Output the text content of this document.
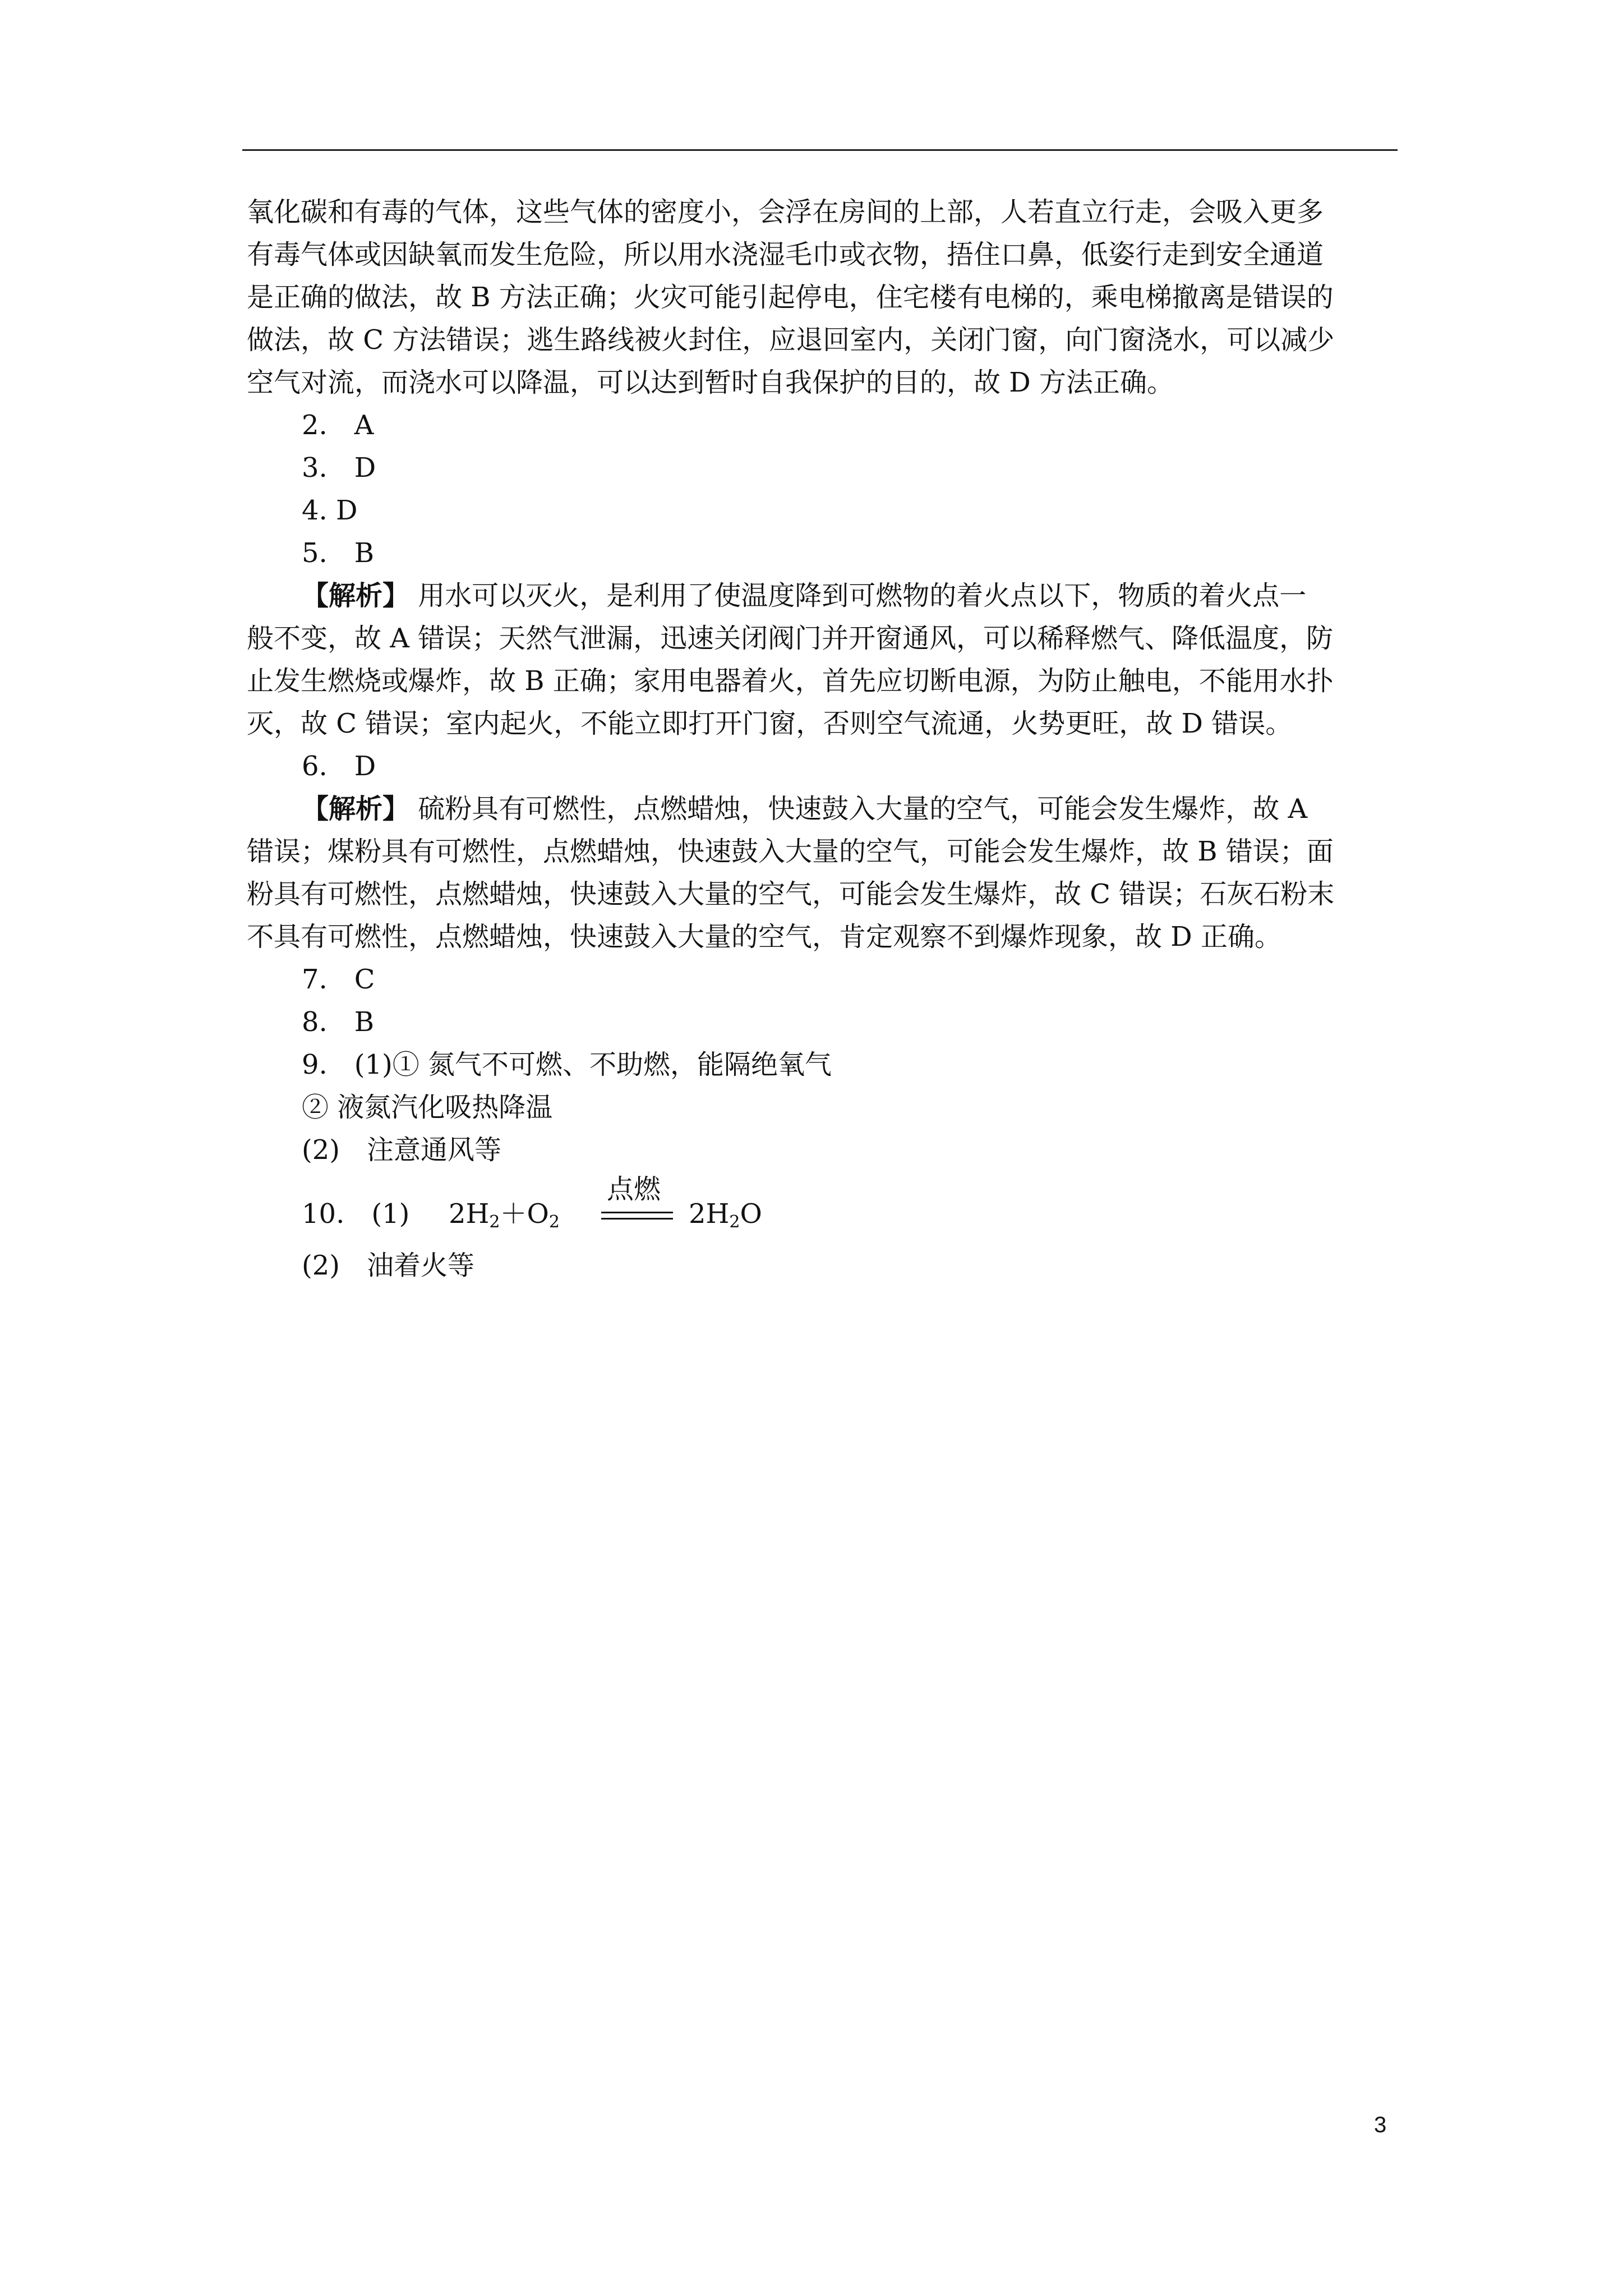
氧化碳和有毒的气体，这些气体的密度小，会浮在房间的上部，人若直立行走，会吸入更多
有毒气体或因缺氧而发生危险，所以用水浇湿毛巾或衣物，捂住口鼻，低姿行走到安全通道
是正确的做法，故 B 方法正确；火灾可能引起停电，住宅楼有电梯的，乘电梯撤离是错误的
做法，故 C 方法错误；逃生路线被火封住，应退回室内，关闭门窗，向门窗浇水，可以减少
空气对流，而浇水可以降温，可以达到暂时自我保护的目的，故 D 方法正确。
2.　A
3.　D
4. D
5.　B
【解析】 用水可以灭火，是利用了使温度降到可燃物的着火点以下，物质的着火点一
般不变，故 A 错误；天然气泄漏，迅速关闭阀门并开窗通风，可以稀释燃气、降低温度，防
止发生燃烧或爆炸，故 B 正确；家用电器着火，首先应切断电源，为防止触电，不能用水扑
灭，故 C 错误；室内起火，不能立即打开门窗，否则空气流通，火势更旺，故 D 错误。
6.　D
【解析】 硫粉具有可燃性，点燃蜡烛，快速鼓入大量的空气，可能会发生爆炸，故 A
错误；煤粉具有可燃性，点燃蜡烛，快速鼓入大量的空气，可能会发生爆炸，故 B 错误；面
粉具有可燃性，点燃蜡烛，快速鼓入大量的空气，可能会发生爆炸，故 C 错误；石灰石粉末
不具有可燃性，点燃蜡烛，快速鼓入大量的空气，肯定观察不到爆炸现象，故 D 正确。
7.　C
8.　B
9.　(1)① 氮气不可燃、不助燃，能隔绝氧气
② 液氮汽化吸热降温
(2)　注意通风等
10.　(1) $2H_2+O_2$
点燃
$2H_2O$
(2)　油着火等
3
